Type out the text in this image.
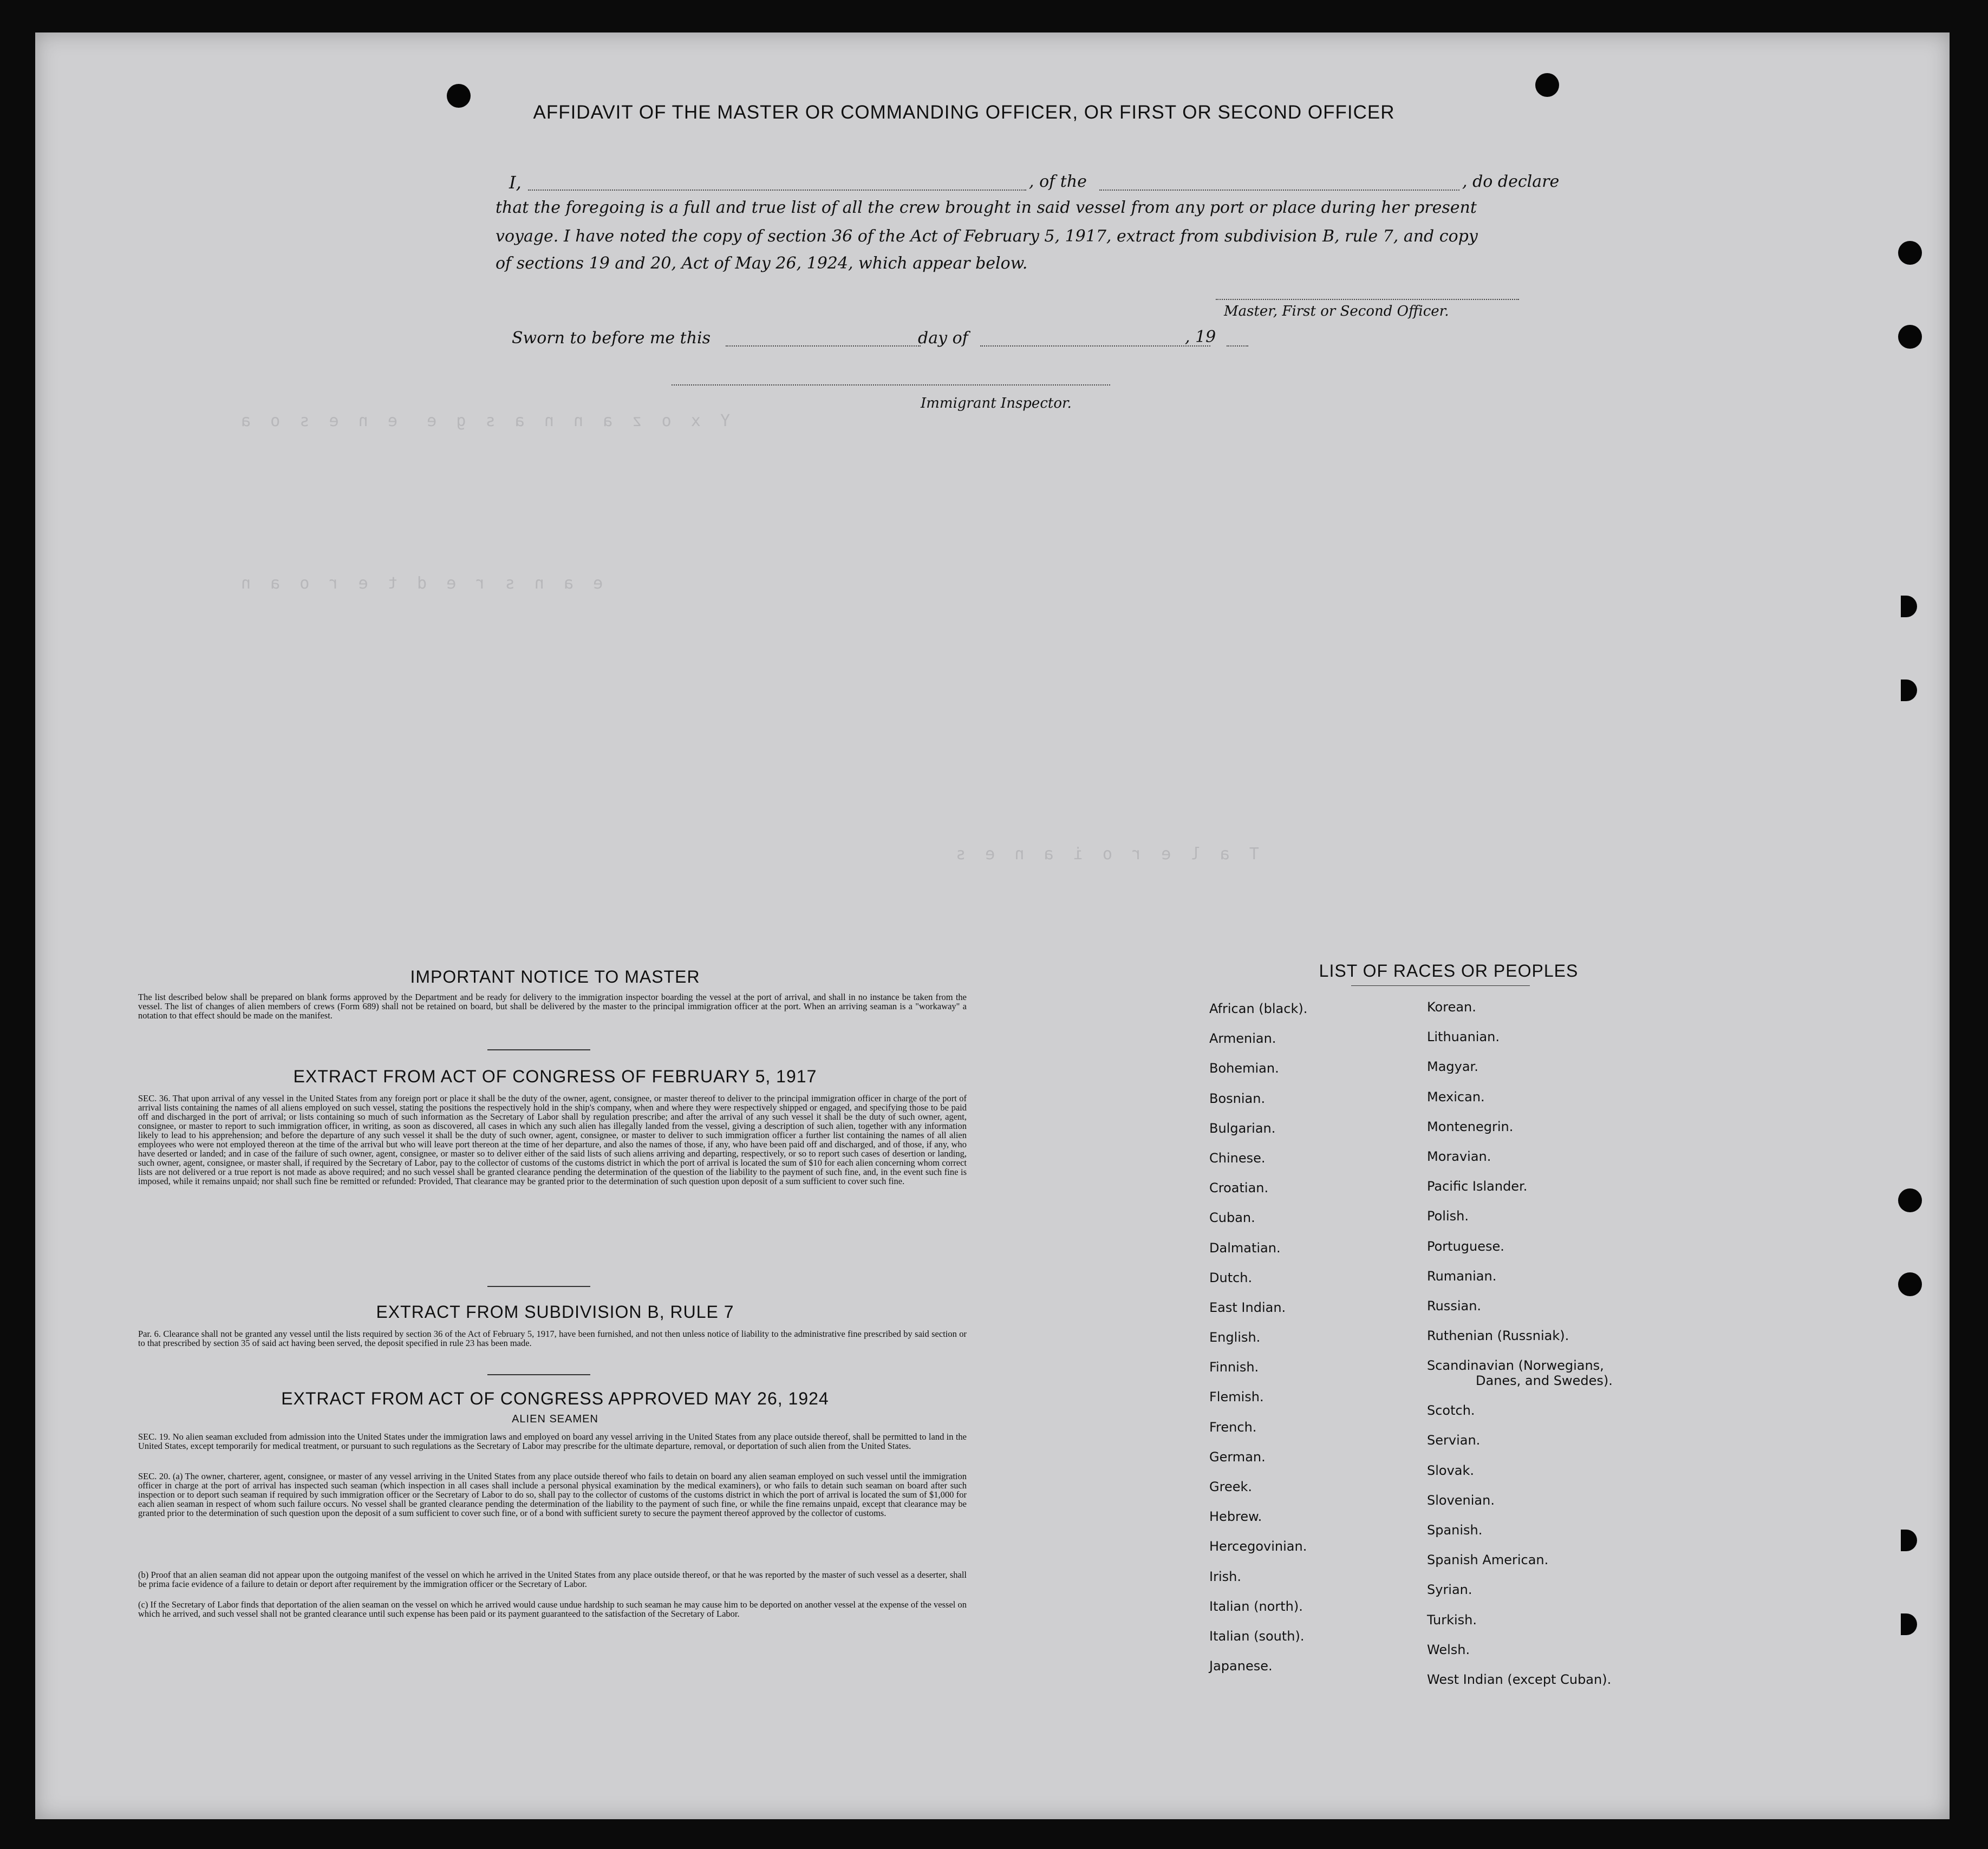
Y  x  o  z  a  n  n  a  s  g  e   e  n  e  s  o  a
e  a  n  s  r  e  d  t  e  r  o  a  n
T  a  l  e  r  o  i  a  n  e  s
AFFIDAVIT OF THE MASTER OR COMMANDING OFFICER, OR FIRST OR SECOND OFFICER
I,	, of the	, do declare
that the foregoing is a full and true list of all the crew brought in said vessel from any port or place during her present
voyage. I have noted the copy of section 36 of the Act of February 5, 1917, extract from subdivision B, rule 7, and copy
of sections 19 and 20, Act of May 26, 1924, which appear below.
Master, First or Second Officer.
Sworn to before me this	day of	, 19
Immigrant Inspector.
IMPORTANT NOTICE TO MASTER

The list described below shall be prepared on blank forms approved by the Department and be ready for delivery to the immigration inspector boarding the vessel at the port of arrival, and shall in no instance be taken from the vessel. The list of changes of alien members of crews (Form 689) shall not be retained on board, but shall be delivered by the master to the principal immigration officer at the port. When an arriving seaman is a "workaway" a notation to that effect should be made on the manifest.

EXTRACT FROM ACT OF CONGRESS OF FEBRUARY 5, 1917

SEC. 36. That upon arrival of any vessel in the United States from any foreign port or place it shall be the duty of the owner, agent, consignee, or master thereof to deliver to the principal immigration officer in charge of the port of arrival lists containing the names of all aliens employed on such vessel, stating the positions the respectively hold in the ship's company, when and where they were respectively shipped or engaged, and specifying those to be paid off and discharged in the port of arrival; or lists containing so much of such information as the Secretary of Labor shall by regulation prescribe; and after the arrival of any such vessel it shall be the duty of such owner, agent, consignee, or master to report to such immigration officer, in writing, as soon as discovered, all cases in which any such alien has illegally landed from the vessel, giving a description of such alien, together with any information likely to lead to his apprehension; and before the departure of any such vessel it shall be the duty of such owner, agent, consignee, or master to deliver to such immigration officer a further list containing the names of all alien employees who were not employed thereon at the time of the arrival but who will leave port thereon at the time of her departure, and also the names of those, if any, who have been paid off and discharged, and of those, if any, who have deserted or landed; and in case of the failure of such owner, agent, consignee, or master so to deliver either of the said lists of such aliens arriving and departing, respectively, or so to report such cases of desertion or landing, such owner, agent, consignee, or master shall, if required by the Secretary of Labor, pay to the collector of customs of the customs district in which the port of arrival is located the sum of $10 for each alien concerning whom correct lists are not delivered or a true report is not made as above required; and no such vessel shall be granted clearance pending the determination of the question of the liability to the payment of such fine, and, in the event such fine is imposed, while it remains unpaid; nor shall such fine be remitted or refunded: Provided, That clearance may be granted prior to the determination of such question upon deposit of a sum sufficient to cover such fine.

EXTRACT FROM SUBDIVISION B, RULE 7

Par. 6. Clearance shall not be granted any vessel until the lists required by section 36 of the Act of February 5, 1917, have been furnished, and not then unless notice of liability to the administrative fine prescribed by said section or to that prescribed by section 35 of said act having been served, the deposit specified in rule 23 has been made.

EXTRACT FROM ACT OF CONGRESS APPROVED MAY 26, 1924
ALIEN SEAMEN

SEC. 19. No alien seaman excluded from admission into the United States under the immigration laws and employed on board any vessel arriving in the United States from any place outside thereof, shall be permitted to land in the United States, except temporarily for medical treatment, or pursuant to such regulations as the Secretary of Labor may prescribe for the ultimate departure, removal, or deportation of such alien from the United States.

SEC. 20. (a) The owner, charterer, agent, consignee, or master of any vessel arriving in the United States from any place outside thereof who fails to detain on board any alien seaman employed on such vessel until the immigration officer in charge at the port of arrival has inspected such seaman (which inspection in all cases shall include a personal physical examination by the medical examiners), or who fails to detain such seaman on board after such inspection or to deport such seaman if required by such immigration officer or the Secretary of Labor to do so, shall pay to the collector of customs of the customs district in which the port of arrival is located the sum of $1,000 for each alien seaman in respect of whom such failure occurs. No vessel shall be granted clearance pending the determination of the liability to the payment of such fine, or while the fine remains unpaid, except that clearance may be granted prior to the determination of such question upon the deposit of a sum sufficient to cover such fine, or of a bond with sufficient surety to secure the payment thereof approved by the collector of customs.

(b) Proof that an alien seaman did not appear upon the outgoing manifest of the vessel on which he arrived in the United States from any place outside thereof, or that he was reported by the master of such vessel as a deserter, shall be prima facie evidence of a failure to detain or deport after requirement by the immigration officer or the Secretary of Labor.

(c) If the Secretary of Labor finds that deportation of the alien seaman on the vessel on which he arrived would cause undue hardship to such seaman he may cause him to be deported on another vessel at the expense of the vessel on which he arrived, and such vessel shall not be granted clearance until such expense has been paid or its payment guaranteed to the satisfaction of the Secretary of Labor.

LIST OF RACES OR PEOPLES
African (black).
Armenian.
Bohemian.
Bosnian.
Bulgarian.
Chinese.
Croatian.
Cuban.
Dalmatian.
Dutch.
East Indian.
English.
Finnish.
Flemish.
French.
German.
Greek.
Hebrew.
Hercegovinian.
Irish.
Italian (north).
Italian (south).
Japanese.
Korean.
Lithuanian.
Magyar.
Mexican.
Montenegrin.
Moravian.
Pacific Islander.
Polish.
Portuguese.
Rumanian.
Russian.
Ruthenian (Russniak).
Scandinavian (Norwegians,
Danes, and Swedes).
Scotch.
Servian.
Slovak.
Slovenian.
Spanish.
Spanish American.
Syrian.
Turkish.
Welsh.
West Indian (except Cuban).
